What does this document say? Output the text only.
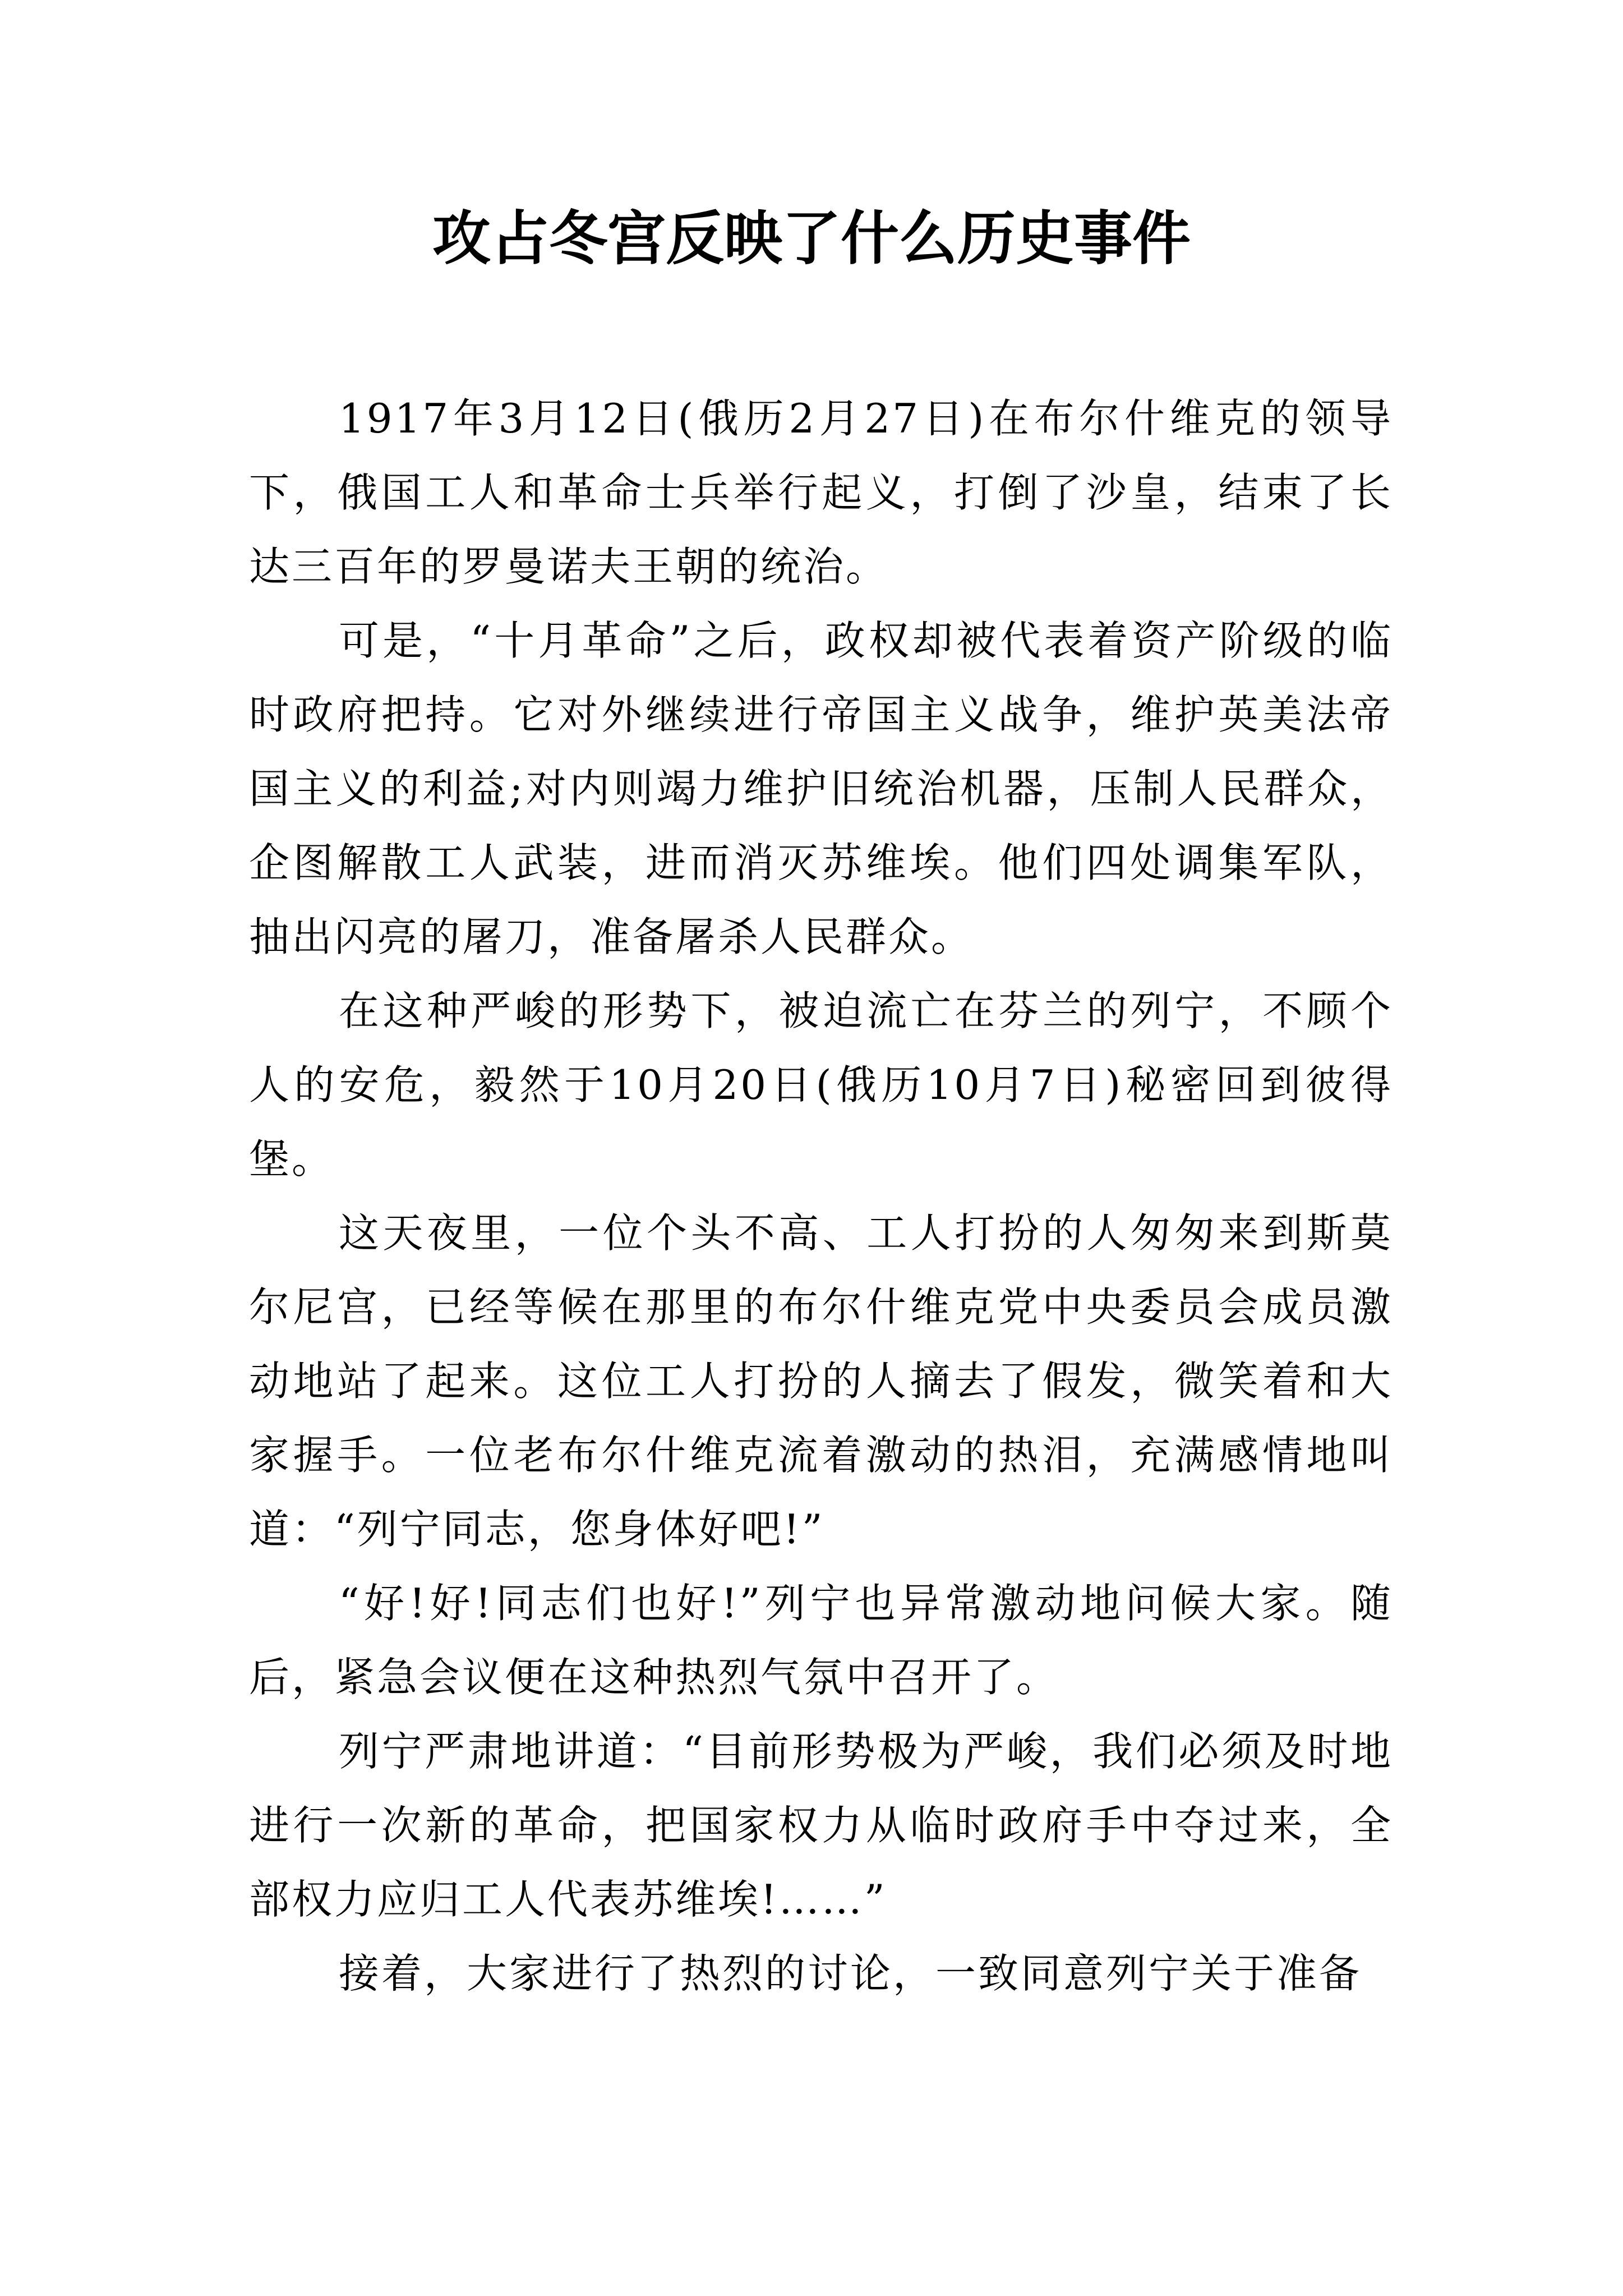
攻占冬宫反映了什么历史事件

1917年3月12日(俄历2月27日)在布尔什维克的领导下，俄国工人和革命士兵举行起义，打倒了沙皇，结束了长达三百年的罗曼诺夫王朝的统治。

可是，“十月革命”之后，政权却被代表着资产阶级的临时政府把持。它对外继续进行帝国主义战争，维护英美法帝国主义的利益;对内则竭力维护旧统治机器，压制人民群众，企图解散工人武装，进而消灭苏维埃。他们四处调集军队，抽出闪亮的屠刀，准备屠杀人民群众。

在这种严峻的形势下，被迫流亡在芬兰的列宁，不顾个人的安危，毅然于10月20日(俄历10月7日)秘密回到彼得堡。

这天夜里，一位个头不高、工人打扮的人匆匆来到斯莫尔尼宫，已经等候在那里的布尔什维克党中央委员会成员激动地站了起来。这位工人打扮的人摘去了假发，微笑着和大家握手。一位老布尔什维克流着激动的热泪，充满感情地叫道：“列宁同志，您身体好吧!”

“好!好!同志们也好!”列宁也异常激动地问候大家。随后，紧急会议便在这种热烈气氛中召开了。

列宁严肃地讲道：“目前形势极为严峻，我们必须及时地进行一次新的革命，把国家权力从临时政府手中夺过来，全部权力应归工人代表苏维埃!……”

接着，大家进行了热烈的讨论，一致同意列宁关于准备
